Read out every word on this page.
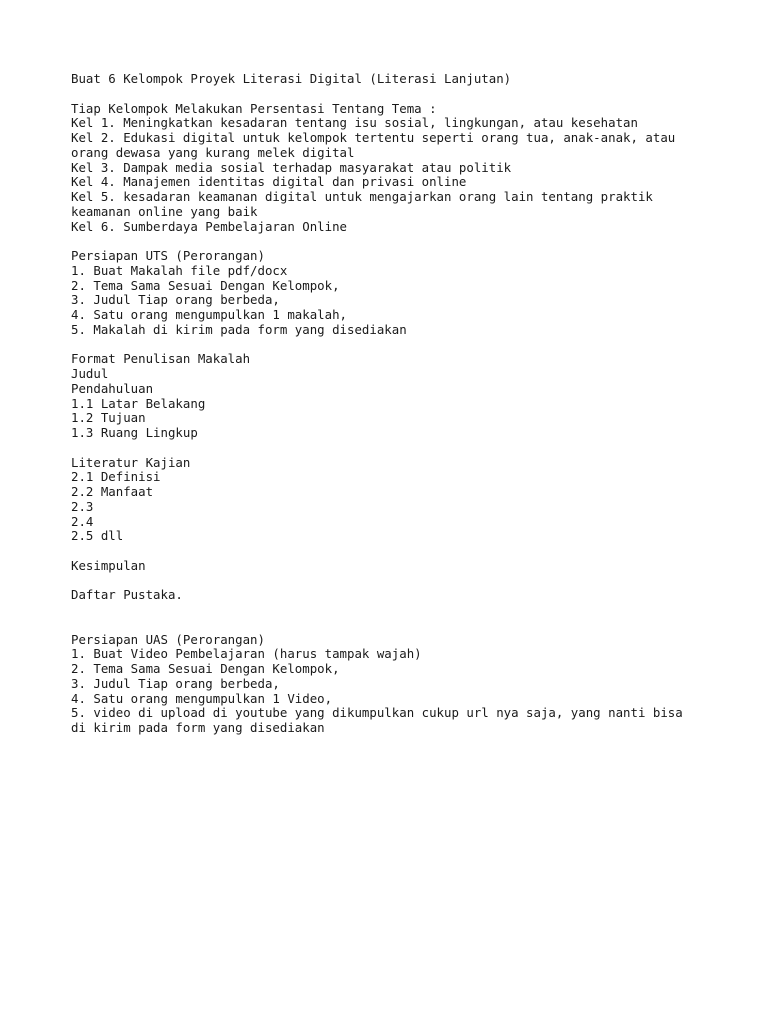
Buat 6 Kelompok Proyek Literasi Digital (Literasi Lanjutan)
Tiap Kelompok Melakukan Persentasi Tentang Tema :
Kel 1. Meningkatkan kesadaran tentang isu sosial, lingkungan, atau kesehatan
Kel 2. Edukasi digital untuk kelompok tertentu seperti orang tua, anak-anak, atau
orang dewasa yang kurang melek digital
Kel 3. Dampak media sosial terhadap masyarakat atau politik
Kel 4. Manajemen identitas digital dan privasi online
Kel 5. kesadaran keamanan digital untuk mengajarkan orang lain tentang praktik
keamanan online yang baik
Kel 6. Sumberdaya Pembelajaran Online
Persiapan UTS (Perorangan)
1. Buat Makalah file pdf/docx
2. Tema Sama Sesuai Dengan Kelompok,
3. Judul Tiap orang berbeda,
4. Satu orang mengumpulkan 1 makalah,
5. Makalah di kirim pada form yang disediakan
Format Penulisan Makalah
Judul
Pendahuluan
1.1 Latar Belakang
1.2 Tujuan
1.3 Ruang Lingkup
Literatur Kajian
2.1 Definisi
2.2 Manfaat
2.3
2.4
2.5 dll
Kesimpulan
Daftar Pustaka.
Persiapan UAS (Perorangan)
1. Buat Video Pembelajaran (harus tampak wajah)
2. Tema Sama Sesuai Dengan Kelompok,
3. Judul Tiap orang berbeda,
4. Satu orang mengumpulkan 1 Video,
5. video di upload di youtube yang dikumpulkan cukup url nya saja, yang nanti bisa
di kirim pada form yang disediakan
